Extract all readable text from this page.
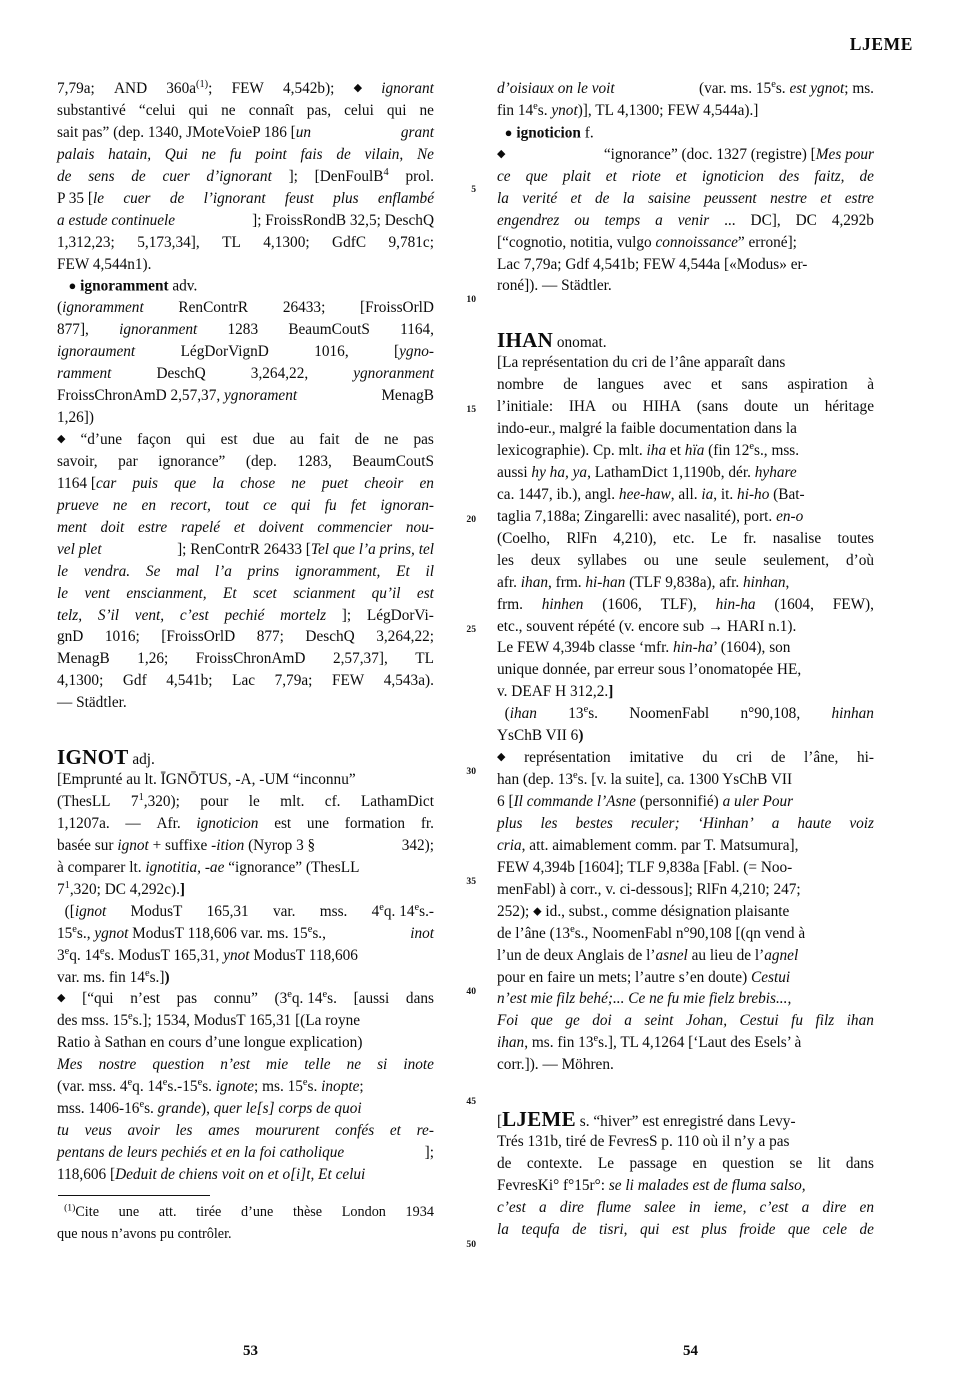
LJEME
7,79a; AND $360a^{(1)}$; FEW 4,542b); ◆ ignorant
substantivé “celui qui ne connaît pas, celui qui ne
sait pas” (dep. 1340, JMoteVoieP 186 [un	grant
palais hatain, Qui ne fu point fais de vilain, Ne
de sens de cuer d’ignorant ]; [DenFoulB$^4$ prol.
P 35 [le cuer de l’ignorant feust plus enflambé
a estude continuele	]; FroissRondB 32,5; DeschQ
1,312,23; 5,173,34], TL 4,1300; GdfC 9,781c;
FEW 4,544n1).
● ignoramment adv.
(ignoramment RenContrR 26433; [FroissOrlD
877], ignoranment 1283 BeaumCoutS 1164,
ignoraument	LégDorVignD	1016,	[ygno-
ramment	DeschQ	3,264,22,	ygnoranment
FroissChronAmD 2,57,37, ygnorament	MenagB
1,26])
◆ “d’une façon qui est due au fait de ne pas
savoir, par ignorance” (dep. 1283, BeaumCoutS
1164 [car puis que la chose ne puet cheoir en
prueve ne en recort, tout ce qui fu fet ignoran-
ment doit estre rapelé et doivent commencier nou-
vel plet	]; RenContrR 26433 [Tel que l’a prins, tel
le vendra. Se mal l’a prins ignoramment, Et il
le vent enscianment, Et scet scianment qu’il est
telz, S’il vent, c’est pechié mortelz ]; LégDorVi-
gnD 1016; [FroissOrlD 877; DeschQ 3,264,22;
MenagB 1,26; FroissChronAmD 2,57,37], TL
4,1300; Gdf 4,541b; Lac 7,79a; FEW 4,543a).
— Städtler.
IGNOT adj.
[Emprunté au lt. ĪGNŌTUS, -A, -UM “inconnu”
(ThesLL $7^1,320$); pour le mlt. cf. LathamDict
1,1207a. — Afr. ignoticion est une formation fr.
basée sur ignot + suffixe -ition (Nyrop 3 §	342);
à comparer lt. ignotitia, -ae “ignorance” (ThesLL
$7^1,320$; DC 4,292c).]
([ignot ModusT 165,31 var. mss. 4eq. 14es.-
15es., ygnot ModusT 118,606 var. ms. 15es.,	inot
3eq. 14es. ModusT 165,31, ynot ModusT 118,606
var. ms. fin 14es.])
◆ [“qui n’est pas connu” (3eq. 14es. [aussi dans
des mss. 15es.]; 1534, ModusT 165,31 [(La royne
Ratio à Sathan en cours d’une longue explication)
Mes nostre question n’est mie telle ne si inote
(var. mss. 4eq. 14es.-15es. ignote; ms. 15es. inopte;
mss. 1406-16es. grande), quer le[s] corps de quoi
tu veus avoir les ames moururent confés et re-
pentans de leurs pechiés et en la foi catholique	];
118,606 [Deduit de chiens voit on et o[i]t, Et celui
$^{(1)}$Cite une att. tirée d’une thèse London 1934
que nous n’avons pu contrôler.
d’oisiaux on le voit	(var. ms. 15es. est ygnot; ms.
fin 14es. ynot)], TL 4,1300; FEW 4,544a).]
● ignoticion f.
◆	“ignorance” (doc. 1327 (registre) [Mes pour
ce que plait et riote et ignoticion des faitz, de
la verité et de la saisine peussent nestre et estre
engendrez ou temps a venir ... DC], DC 4,292b
[“cognotio, notitia, vulgo connoissance” erroné];
Lac 7,79a; Gdf 4,541b; FEW 4,544a [«Modus» er-
roné]). — Städtler.
IHAN onomat.
[La représentation du cri de l’âne apparaît dans
nombre de langues avec et sans aspiration à
l’initiale: IHA ou HIHA (sans doute un héritage
indo-eur., malgré la faible documentation dans la
lexicographie). Cp. mlt. iha et hïa (fin 12es., mss.
aussi hy ha, ya, LathamDict 1,1190b, dér. hyhare
ca. 1447, ib.), angl. hee-haw, all. ia, it. hi-ho (Bat-
taglia 7,188a; Zingarelli: avec nasalité), port. en-o
(Coelho, RlFn 4,210), etc. Le fr. nasalise toutes
les deux syllabes ou une seule seulement, d’où
afr. ihan, frm. hi-han (TLF 9,838a), afr. hinhan,
frm. hinhen (1606, TLF), hin-ha (1604, FEW),
etc., souvent répété (v. encore sub → HARI n.1).
Le FEW 4,394b classe ‘mfr. hin-ha’ (1604), son
unique donnée, par erreur sous l’onomatopée HE,
v. DEAF H 312,2.]
(ihan 13es. NoomenFabl n°90,108, hinhan
YsChB VII 6)
◆ représentation imitative du cri de l’âne, hi-
han (dep. 13es. [v. la suite], ca. 1300 YsChB VII
6 [Il commande l’Asne (personnifié) a uler Pour
plus les bestes reculer; ‘Hinhan’ a haute voiz
cria, att. aimablement comm. par T. Matsumura],
FEW 4,394b [1604]; TLF 9,838a [Fabl. (= Noo-
menFabl) à corr., v. ci-dessous]; RlFn 4,210; 247;
252); ◆ id., subst., comme désignation plaisante
de l’âne (13es., NoomenFabl n°90,108 [(qn vend à
l’un de deux Anglais de l’asnel au lieu de l’agnel
pour en faire un mets; l’autre s’en doute) Cestui
n’est mie filz behé;... Ce ne fu mie fielz brebis...,
Foi que ge doi a seint Johan, Cestui fu filz ihan
ihan, ms. fin 13es.], TL 4,1264 [‘Laut des Esels’ à
corr.]). — Möhren.
[LJEME s. “hiver” est enregistré dans Levy-
Trés 131b, tiré de FevresS p. 110 où il n’y a pas
de contexte. Le passage en question se lit dans
FevresKi° f°15r°: se li malades est de fluma salso,
c’est a dire flume salee in ieme, c’est a dire en
la tequfa de tisri, qui est plus froide que cele de
5
10
15
20
25
30
35
40
45
50
53	54
